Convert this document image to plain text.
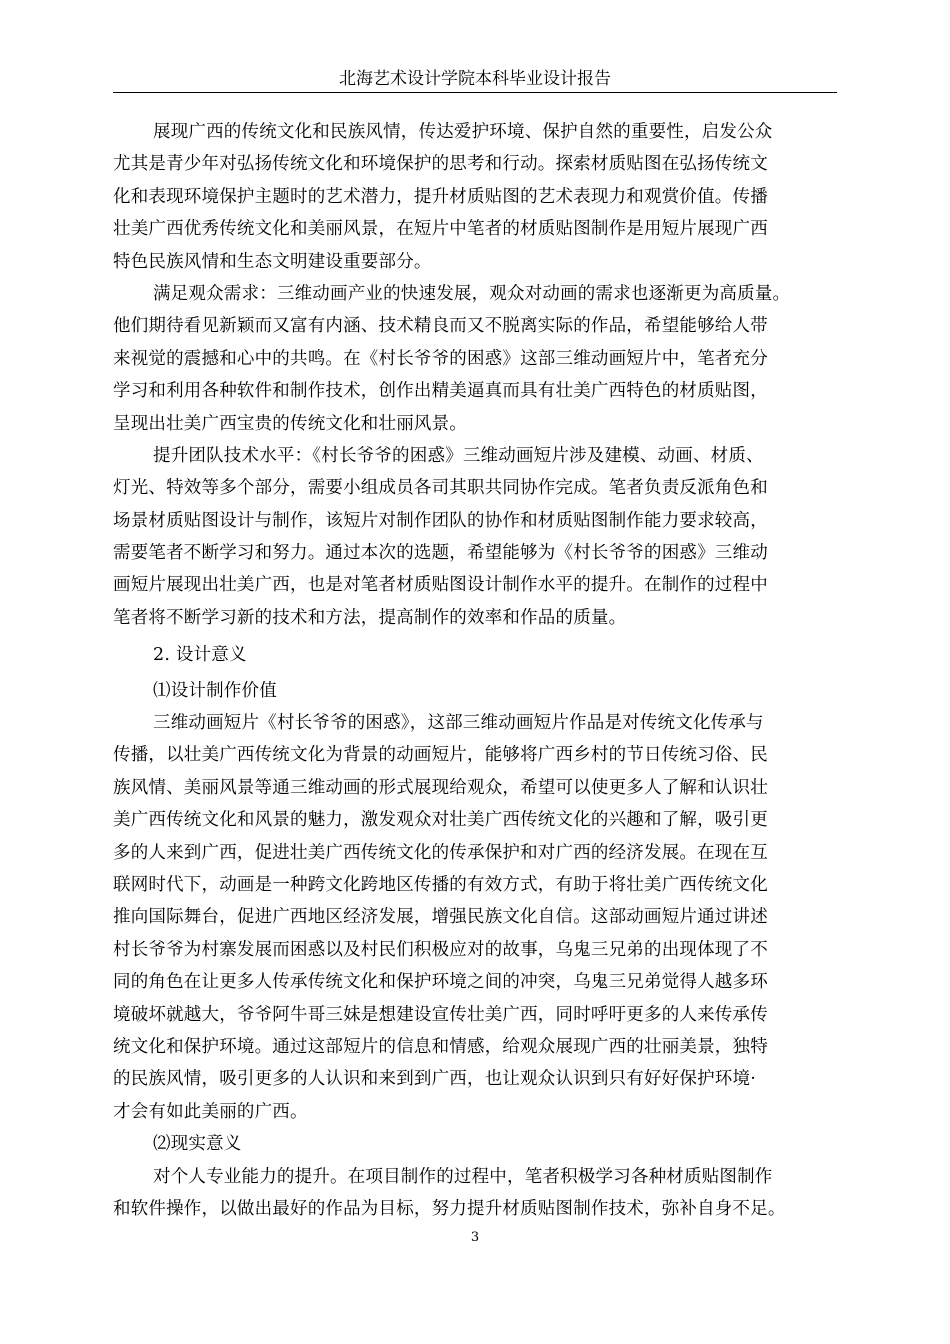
北海艺术设计学院本科毕业设计报告
展现广西的传统文化和民族风情，传达爱护环境、保护自然的重要性，启发公众
尤其是青少年对弘扬传统文化和环境保护的思考和行动。探索材质贴图在弘扬传统文
化和表现环境保护主题时的艺术潜力，提升材质贴图的艺术表现力和观赏价值。传播
壮美广西优秀传统文化和美丽风景，在短片中笔者的材质贴图制作是用短片展现广西
特色民族风情和生态文明建设重要部分。
满足观众需求：三维动画产业的快速发展，观众对动画的需求也逐渐更为高质量。
他们期待看见新颖而又富有内涵、技术精良而又不脱离实际的作品，希望能够给人带
来视觉的震撼和心中的共鸣。在《村长爷爷的困惑》这部三维动画短片中，笔者充分
学习和利用各种软件和制作技术，创作出精美逼真而具有壮美广西特色的材质贴图，
呈现出壮美广西宝贵的传统文化和壮丽风景。
提升团队技术水平：《村长爷爷的困惑》三维动画短片涉及建模、动画、材质、
灯光、特效等多个部分，需要小组成员各司其职共同协作完成。笔者负责反派角色和
场景材质贴图设计与制作，该短片对制作团队的协作和材质贴图制作能力要求较高，
需要笔者不断学习和努力。通过本次的选题，希望能够为《村长爷爷的困惑》三维动
画短片展现出壮美广西，也是对笔者材质贴图设计制作水平的提升。在制作的过程中
笔者将不断学习新的技术和方法，提高制作的效率和作品的质量。
2. 设计意义
⑴设计制作价值
三维动画短片《村长爷爷的困惑》，这部三维动画短片作品是对传统文化传承与
传播，以壮美广西传统文化为背景的动画短片，能够将广西乡村的节日传统习俗、民
族风情、美丽风景等通三维动画的形式展现给观众，希望可以使更多人了解和认识壮
美广西传统文化和风景的魅力，激发观众对壮美广西传统文化的兴趣和了解，吸引更
多的人来到广西，促进壮美广西传统文化的传承保护和对广西的经济发展。在现在互
联网时代下，动画是一种跨文化跨地区传播的有效方式，有助于将壮美广西传统文化
推向国际舞台，促进广西地区经济发展，增强民族文化自信。这部动画短片通过讲述
村长爷爷为村寨发展而困惑以及村民们积极应对的故事，乌鬼三兄弟的出现体现了不
同的角色在让更多人传承传统文化和保护环境之间的冲突，乌鬼三兄弟觉得人越多环
境破坏就越大，爷爷阿牛哥三妹是想建设宣传壮美广西，同时呼吁更多的人来传承传
统文化和保护环境。通过这部短片的信息和情感，给观众展现广西的壮丽美景，独特
的民族风情，吸引更多的人认识和来到到广西，也让观众认识到只有好好保护环境·
才会有如此美丽的广西。
⑵现实意义
对个人专业能力的提升。在项目制作的过程中，笔者积极学习各种材质贴图制作
和软件操作，以做出最好的作品为目标，努力提升材质贴图制作技术，弥补自身不足。
3
